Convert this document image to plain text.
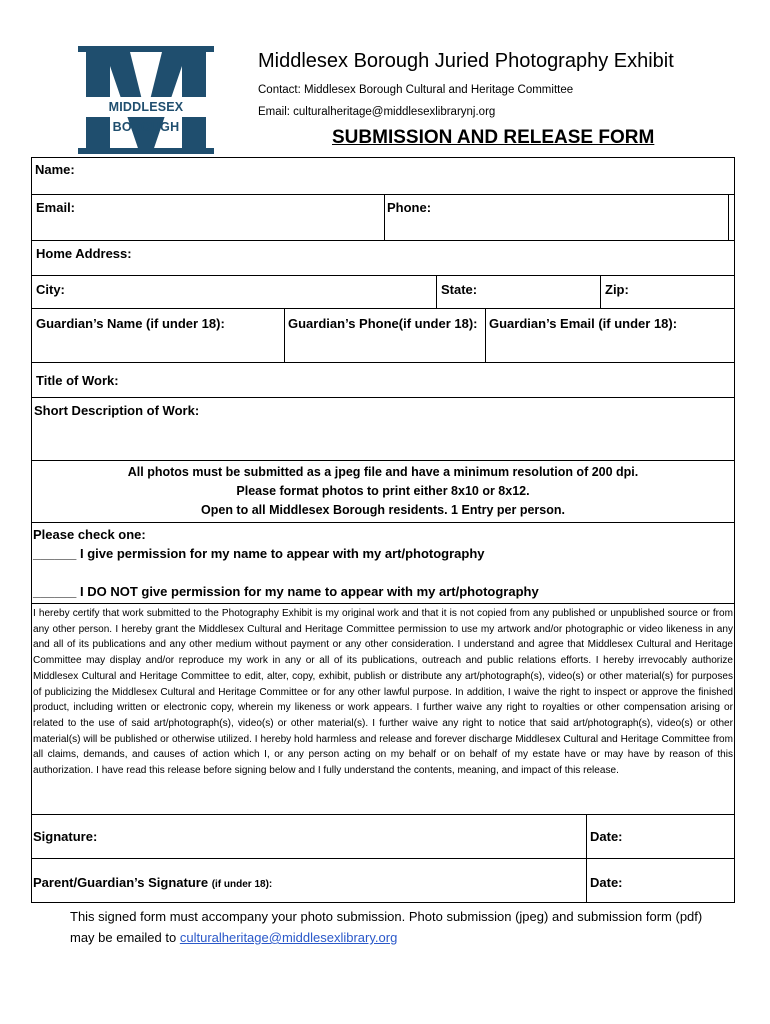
MIDDLESEX BOROUGH
Middlesex Borough Juried Photography Exhibit
Contact: Middlesex Borough Cultural and Heritage Committee
Email: culturalheritage@middlesexlibrarynj.org
SUBMISSION AND RELEASE FORM
Name:
Email:	Phone:
Home Address:
City:	State:	Zip:
Guardian’s Name (if under 18):	Guardian’s Phone(if under 18): Guardian’s Email (if under 18):
Title of Work:
Short Description of Work:
All photos must be submitted as a jpeg file and have a minimum resolution of 200 dpi.
Please format photos to print either 8x10 or 8x12.
Open to all Middlesex Borough residents. 1 Entry per person.
Please check one:
______ I give permission for my name to appear with my art/photography
______ I DO NOT give permission for my name to appear with my art/photography
I hereby certify that work submitted to the Photography Exhibit is my original work and that it is not copied from any published or unpublished source or from any other person. I hereby grant the Middlesex Cultural and Heritage Committee permission to use my artwork and/or photographic or video likeness in any and all of its publications and any other medium without payment or any other consideration. I understand and agree that Middlesex Cultural and Heritage Committee may display and/or reproduce my work in any or all of its publications, outreach and public relations efforts. I hereby irrevocably authorize Middlesex Cultural and Heritage Committee to edit, alter, copy, exhibit, publish or distribute any art/photograph(s), video(s) or other material(s) for purposes of publicizing the Middlesex Cultural and Heritage Committee or for any other lawful purpose. In addition, I waive the right to inspect or approve the finished product, including written or electronic copy, wherein my likeness or work appears. I further waive any right to royalties or other compensation arising or related to the use of said art/photograph(s), video(s) or other material(s). I further waive any right to notice that said art/photograph(s), video(s) or other material(s) will be published or otherwise utilized. I hereby hold harmless and release and forever discharge Middlesex Cultural and Heritage Committee from all claims, demands, and causes of action which I, or any person acting on my behalf or on behalf of my estate have or may have by reason of this authorization. I have read this release before signing below and I fully understand the contents, meaning, and impact of this release.
Signature:	Date:
Parent/Guardian’s Signature (if under 18):	Date:
This signed form must accompany your photo submission. Photo submission (jpeg) and submission form (pdf) may be emailed to culturalheritage@middlesexlibrary.org
